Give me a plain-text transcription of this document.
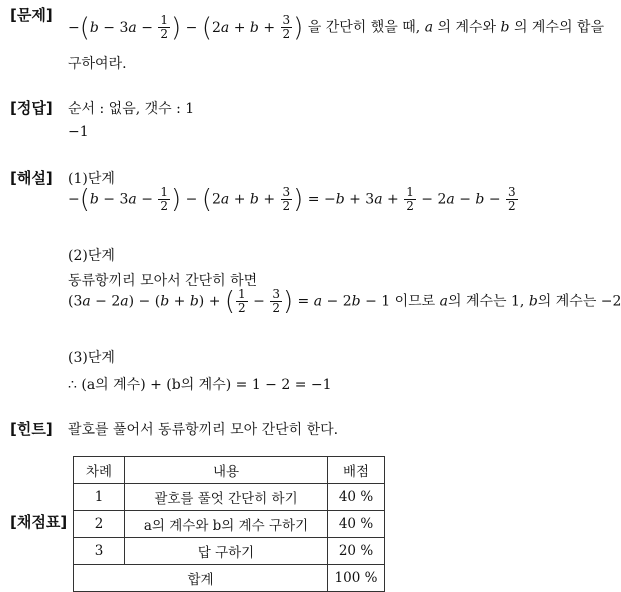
[문제]
[정답]
[해설]
[힌트]
[채점표]
$-(b - 3a - \frac{1}{2}$ ) − ($2a + b + \frac{3}{2}$ ) 을 간단히 했을 때, a 의 계수와 b 의 계수의 합을
구하여라.
순서 : 없음, 갯수 : 1
−1
(1)단계
$-(b - 3a - \frac{1}{2}$ ) − ($2a + b + \frac{3}{2}$ ) = $-b + 3a + \frac{1}{2} - 2a - b - \frac{3}{2}$
(2)단계
동류항끼리 모아서 간단히 하면
(3a − 2a) − (b + b) + ( $\frac{1}{2} - \frac{3}{2}$ ) = a − 2b − 1 이므로 a의 계수는 1, b의 계수는 −2
(3)단계
∴ (a의 계수) + (b의 계수) = 1 − 2 = −1
괄호를 풀어서 동류항끼리 모아 간단히 한다.
차례	내용	배점
1	괄호를 풀엇 간단히 하기	40 %
2	a의 계수와 b의 계수 구하기	40 %
3	답 구하기	20 %
합계		100 %
